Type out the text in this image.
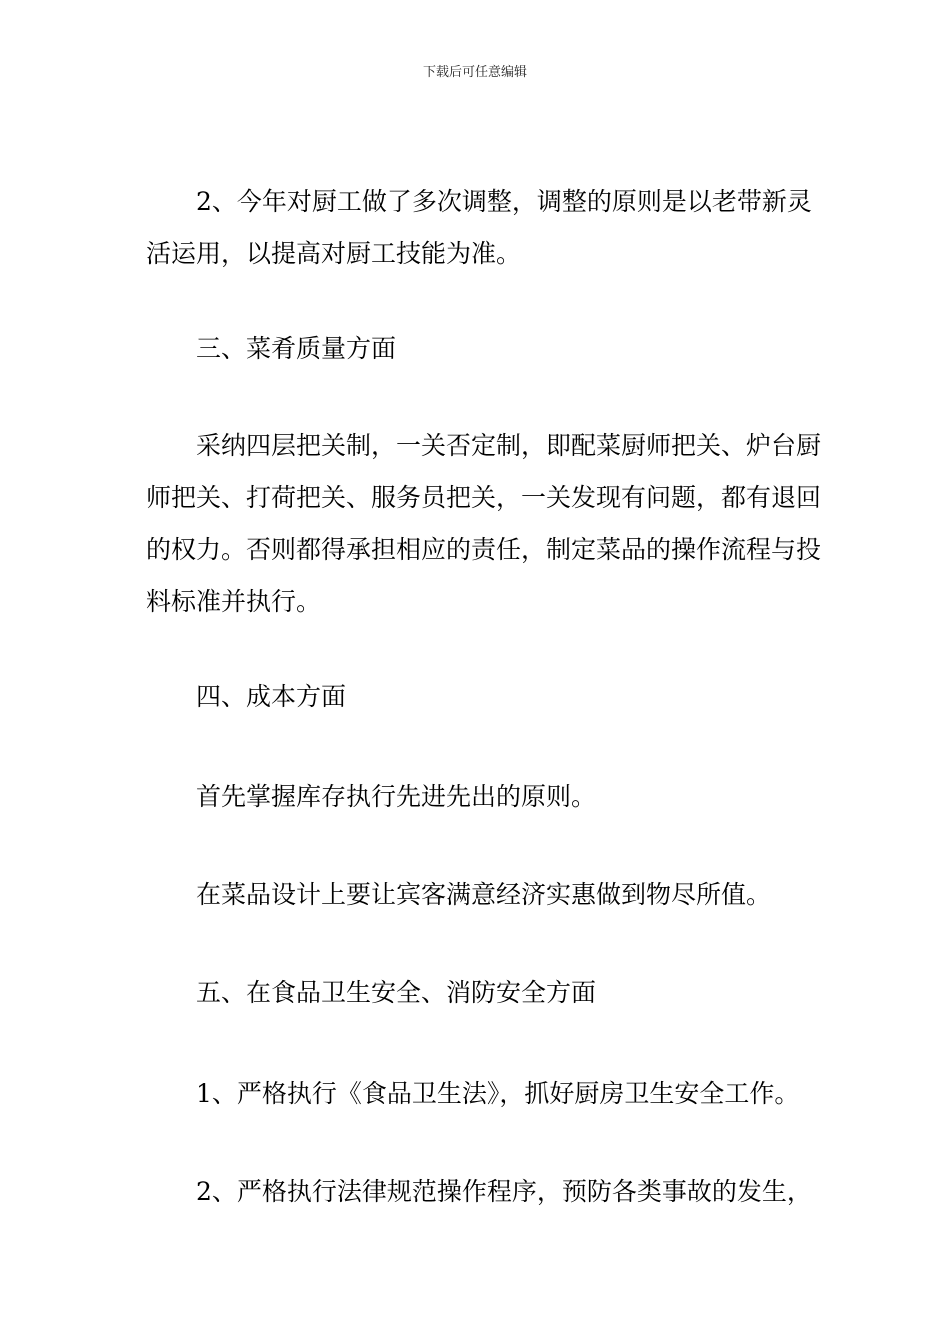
下载后可任意编辑

2、今年对厨工做了多次调整，调整的原则是以老带新灵活运用，以提高对厨工技能为准。

三、菜肴质量方面

采纳四层把关制，一关否定制，即配菜厨师把关、炉台厨师把关、打荷把关、服务员把关，一关发现有问题，都有退回的权力。否则都得承担相应的责任，制定菜品的操作流程与投料标准并执行。

四、成本方面

首先掌握库存执行先进先出的原则。

在菜品设计上要让宾客满意经济实惠做到物尽所值。

五、在食品卫生安全、消防安全方面

1、严格执行《食品卫生法》，抓好厨房卫生安全工作。

2、严格执行法律规范操作程序，预防各类事故的发生，
